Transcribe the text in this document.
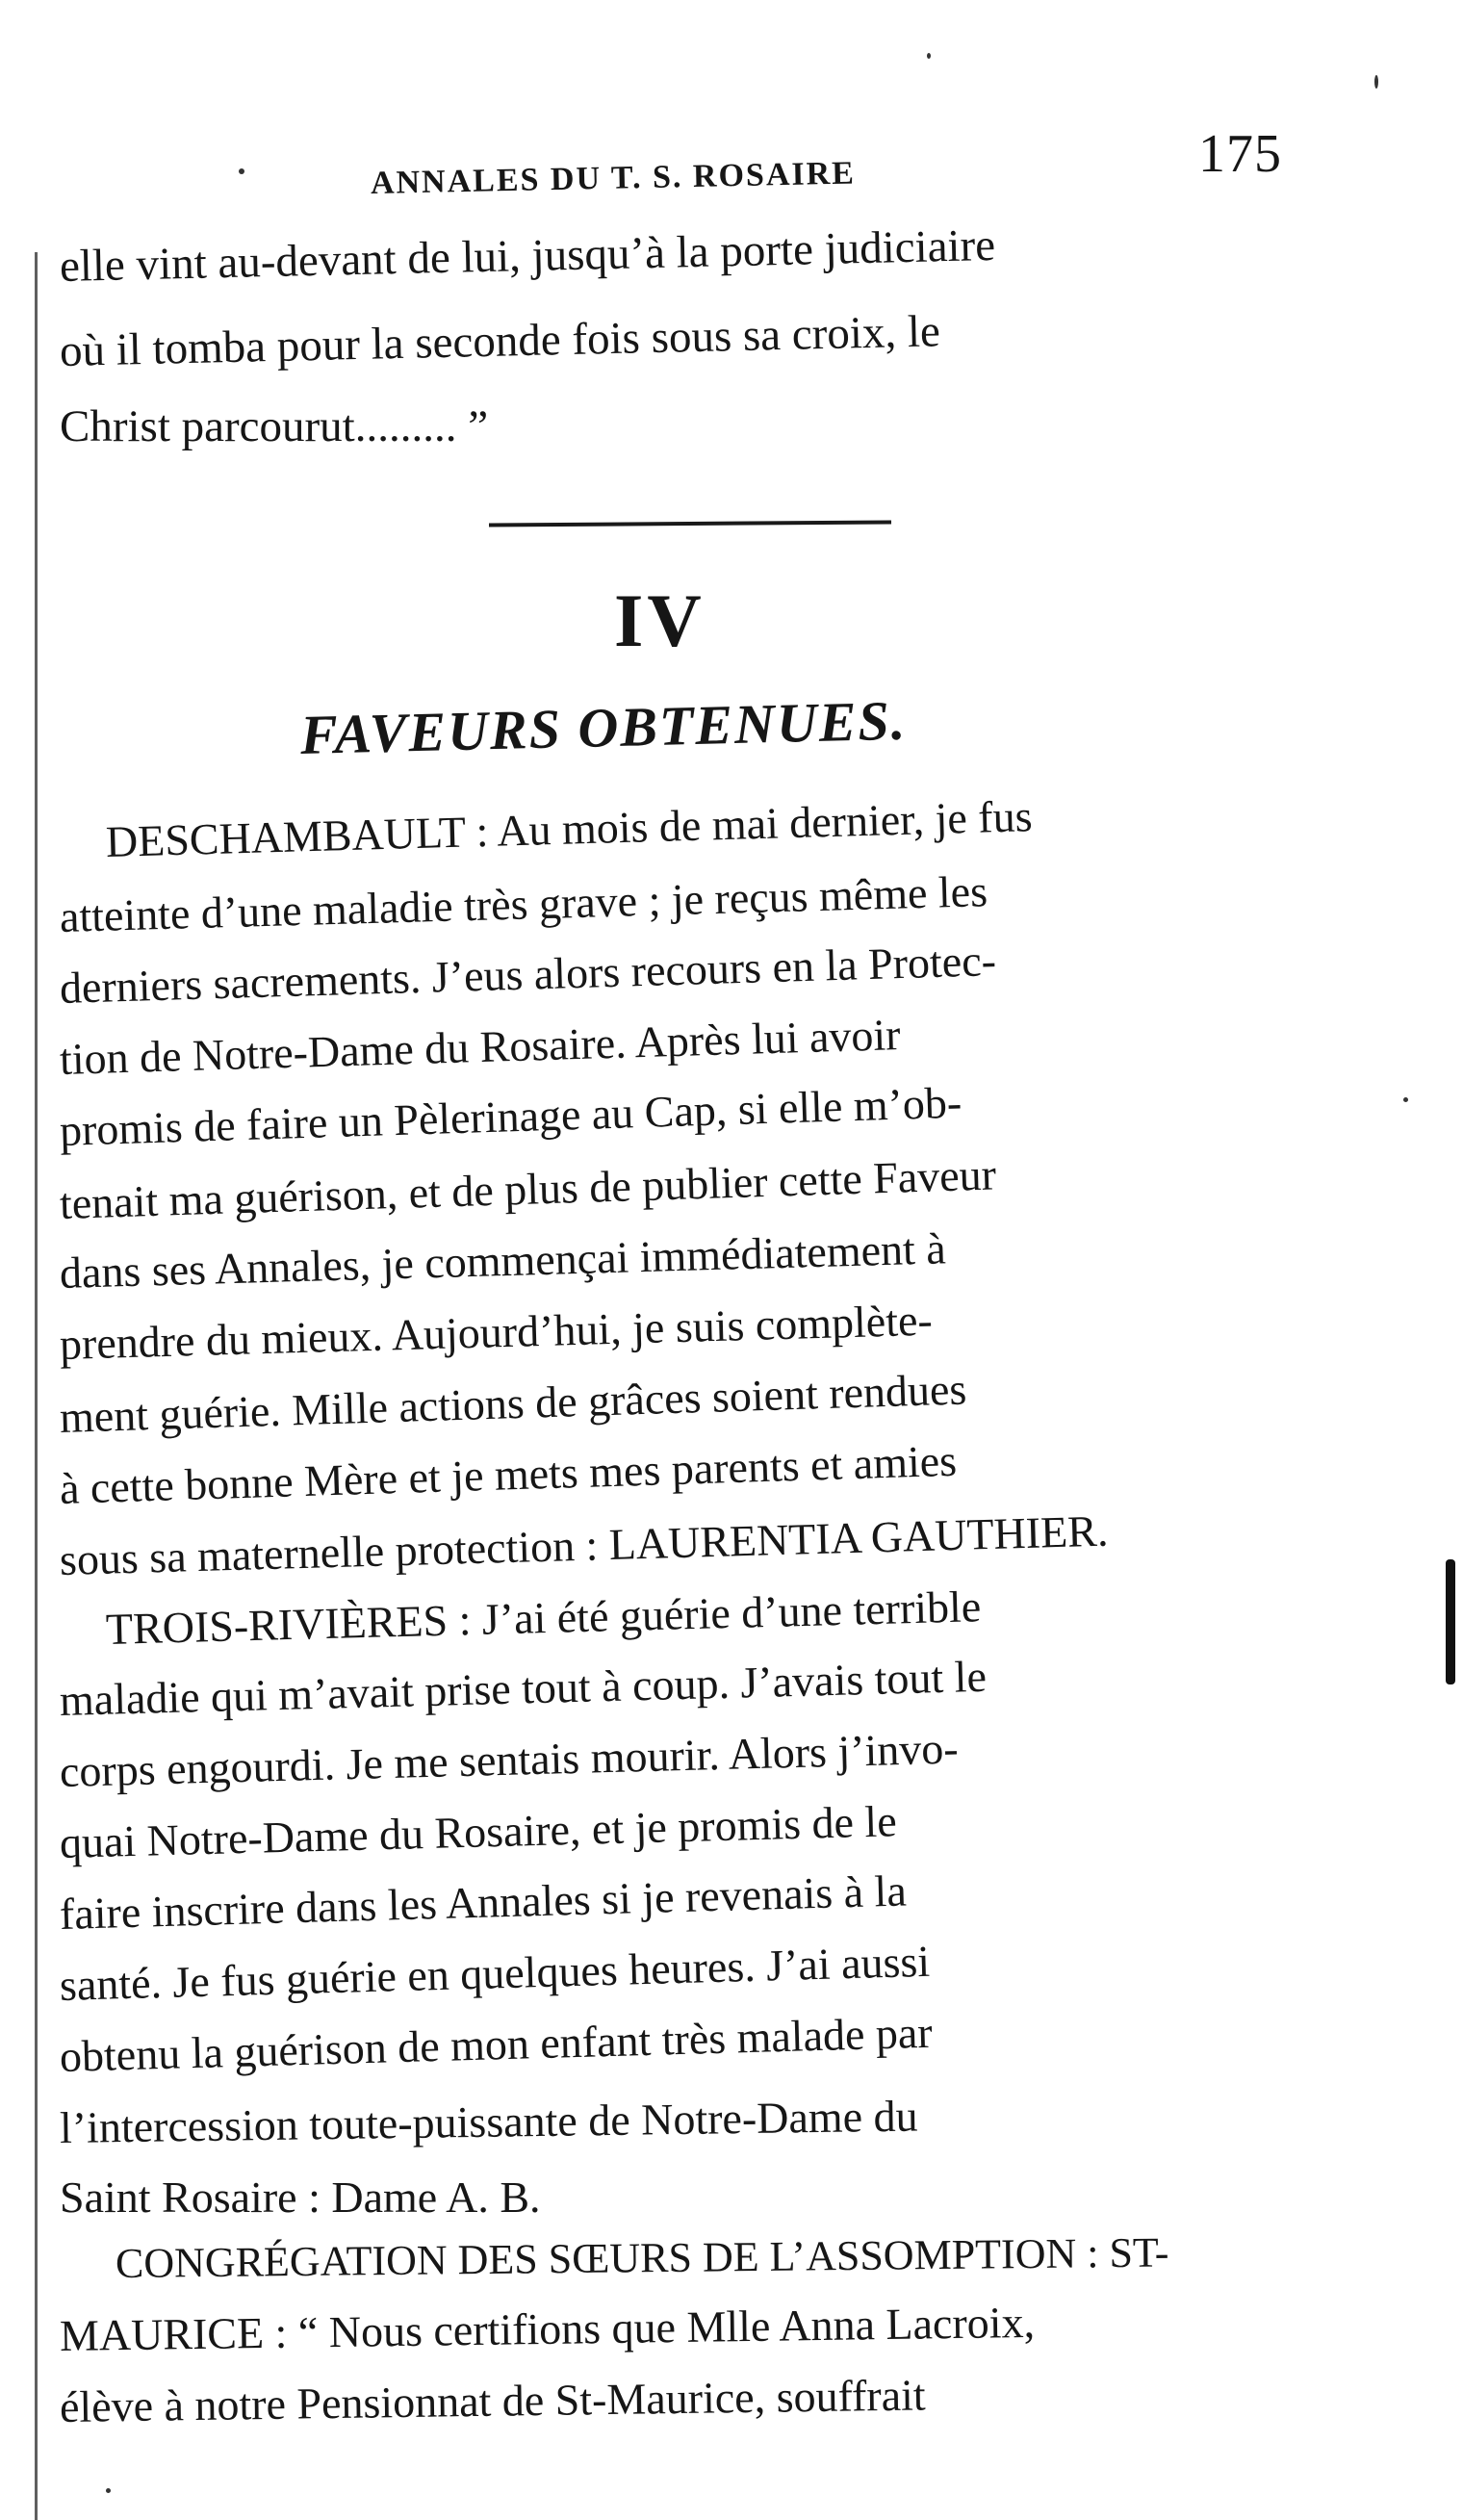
ANNALES DU T. S. ROSAIRE	175
elle vint au-devant de lui, jusqu’à la porte judiciaire
où il tomba pour la seconde fois sous sa croix, le
Christ parcourut......... ”
IV
FAVEURS OBTENUES.
DESCHAMBAULT : Au mois de mai dernier, je fus
atteinte d’une maladie très grave ; je reçus même les
derniers sacrements. J’eus alors recours en la Protec-
tion de Notre-Dame du Rosaire. Après lui avoir
promis de faire un Pèlerinage au Cap, si elle m’ob-
tenait ma guérison, et de plus de publier cette Faveur
dans ses Annales, je commençai immédiatement à
prendre du mieux. Aujourd’hui, je suis complète-
ment guérie. Mille actions de grâces soient rendues
à cette bonne Mère et je mets mes parents et amies
sous sa maternelle protection : LAURENTIA GAUTHIER.
TROIS-RIVIÈRES : J’ai été guérie d’une terrible
maladie qui m’avait prise tout à coup. J’avais tout le
corps engourdi. Je me sentais mourir. Alors j’invo-
quai Notre-Dame du Rosaire, et je promis de le
faire inscrire dans les Annales si je revenais à la
santé. Je fus guérie en quelques heures. J’ai aussi
obtenu la guérison de mon enfant très malade par
l’intercession toute-puissante de Notre-Dame du
Saint Rosaire : Dame A. B.
CONGRÉGATION DES SŒURS DE L’ASSOMPTION : ST-
MAURICE : “ Nous certifions que Mlle Anna Lacroix,
élève à notre Pensionnat de St-Maurice, souffrait
